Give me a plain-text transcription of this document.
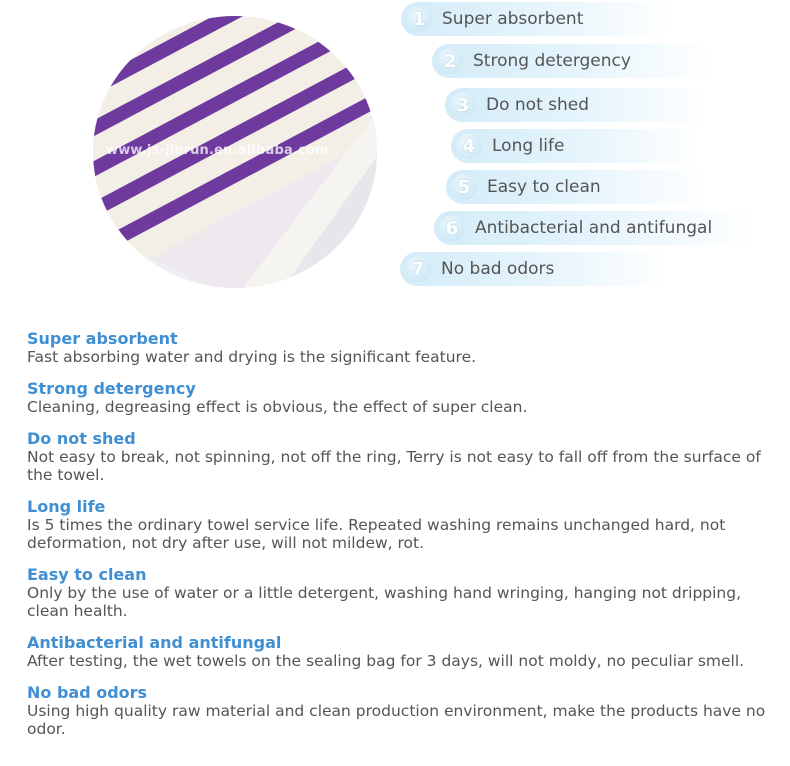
www.js-jierun.en.alibaba.com
1 Super absorbent
2 Strong detergency
3 Do not shed
4 Long life
5 Easy to clean
6 Antibacterial and antifungal
7 No bad odors
Super absorbent
Fast absorbing water and drying is the significant feature.
Strong detergency
Cleaning, degreasing effect is obvious, the effect of super clean.
Do not shed
Not easy to break, not spinning, not off the ring, Terry is not easy to fall off from the surface of the towel.
Long life
Is 5 times the ordinary towel service life. Repeated washing remains unchanged hard, not deformation, not dry after use, will not mildew, rot.
Easy to clean
Only by the use of water or a little detergent, washing hand wringing, hanging not dripping, clean health.
Antibacterial and antifungal
After testing, the wet towels on the sealing bag for 3 days, will not moldy, no peculiar smell.
No bad odors
Using high quality raw material and clean production environment, make the products have no odor.
